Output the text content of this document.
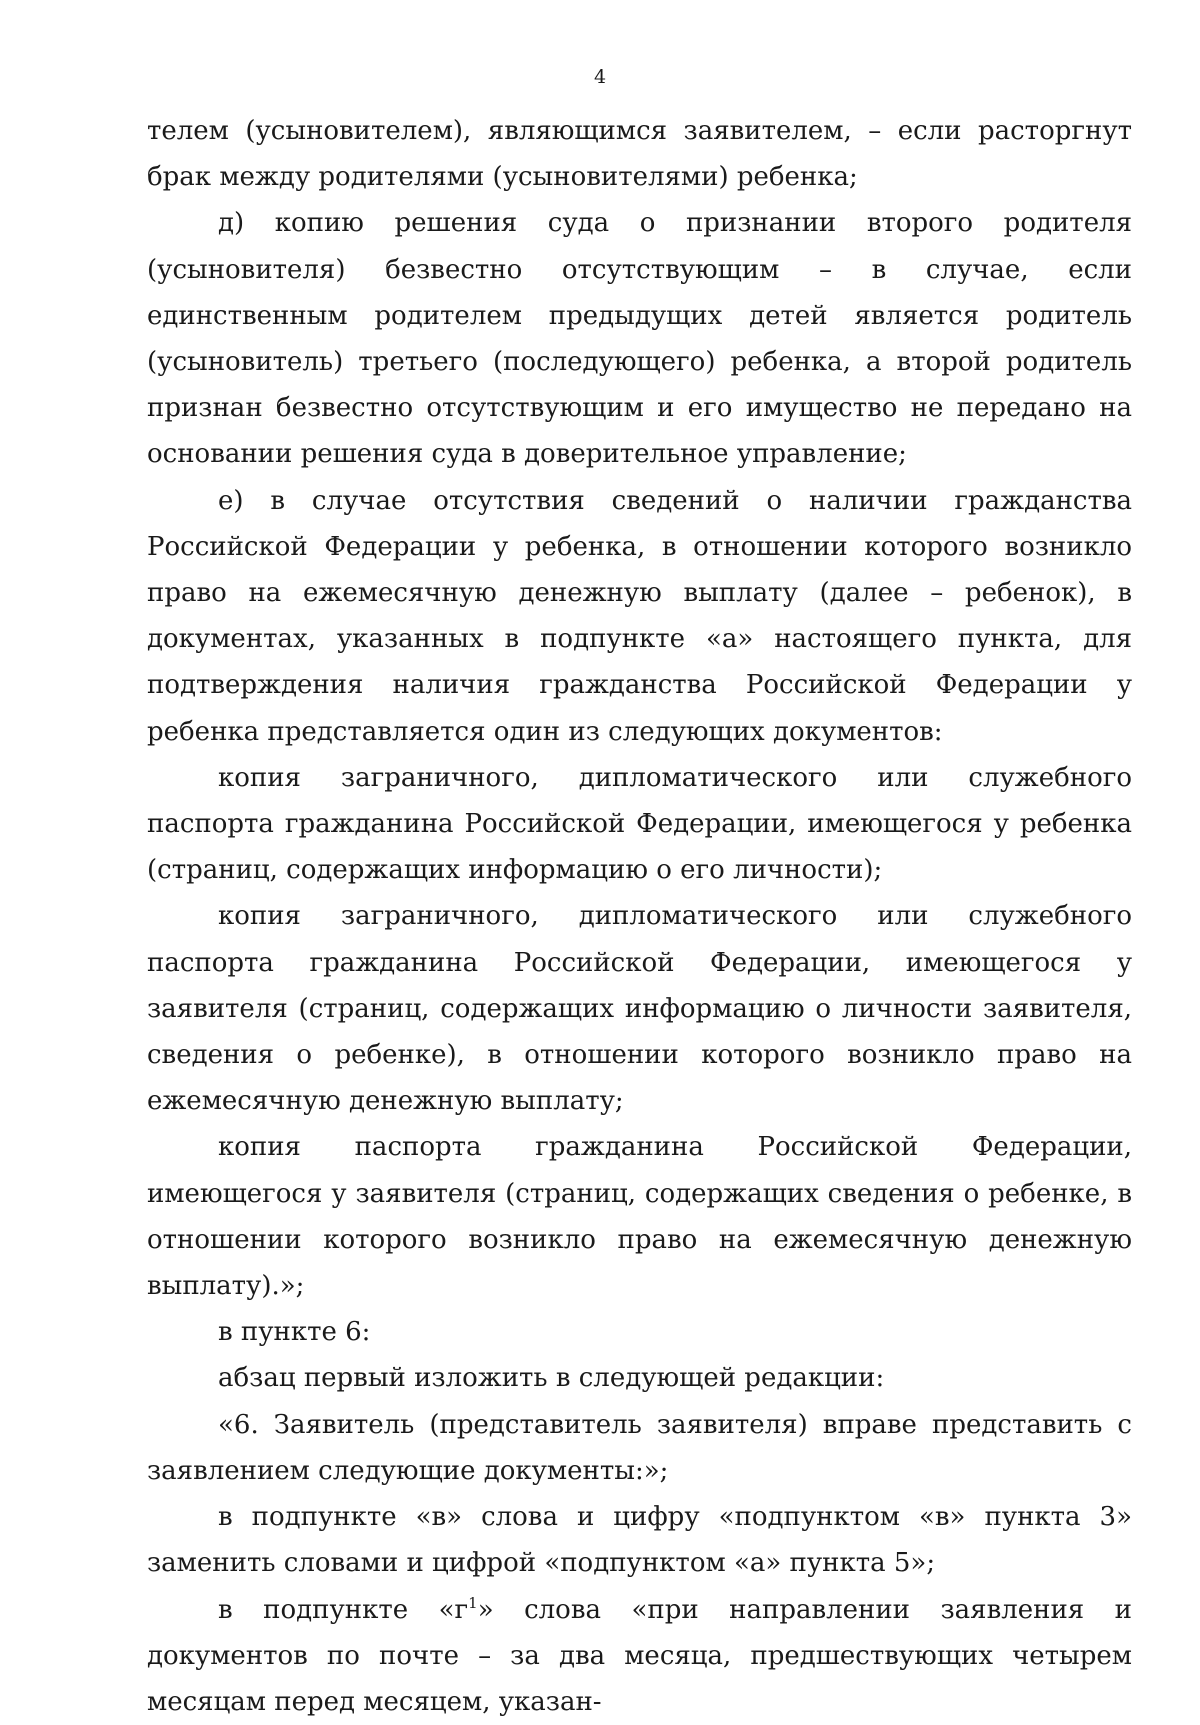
4

телем (усыновителем), являющимся заявителем, – если расторгнут брак между родителями (усыновителями) ребенка;

д) копию решения суда о признании второго родителя (усыновителя) безвестно отсутствующим – в случае, если единственным родителем предыдущих детей является родитель (усыновитель) третьего (последующего) ребенка, а второй родитель признан безвестно отсутствующим и его имущество не передано на основании решения суда в доверительное управление;

е) в случае отсутствия сведений о наличии гражданства Российской Федерации у ребенка, в отношении которого возникло право на ежемесячную денежную выплату (далее – ребенок), в документах, указанных в подпункте «а» настоящего пункта, для подтверждения наличия гражданства Российской Федерации у ребенка представляется один из следующих документов:

копия заграничного, дипломатического или служебного паспорта гражданина Российской Федерации, имеющегося у ребенка (страниц, содержащих информацию о его личности);

копия заграничного, дипломатического или служебного паспорта гражданина Российской Федерации, имеющегося у заявителя (страниц, содержащих информацию о личности заявителя, сведения о ребенке), в отношении которого возникло право на ежемесячную денежную выплату;

копия паспорта гражданина Российской Федерации, имеющегося у заявителя (страниц, содержащих сведения о ребенке, в отношении которого возникло право на ежемесячную денежную выплату).»;

в пункте 6:

абзац первый изложить в следующей редакции:

«6. Заявитель (представитель заявителя) вправе представить с заявлением следующие документы:»;

в подпункте «в» слова и цифру «подпунктом «в» пункта 3» заменить словами и цифрой «подпунктом «а» пункта 5»;

в подпункте «$г^1$» слова «при направлении заявления и документов по почте – за два месяца, предшествующих четырем месяцам перед месяцем, указан-
